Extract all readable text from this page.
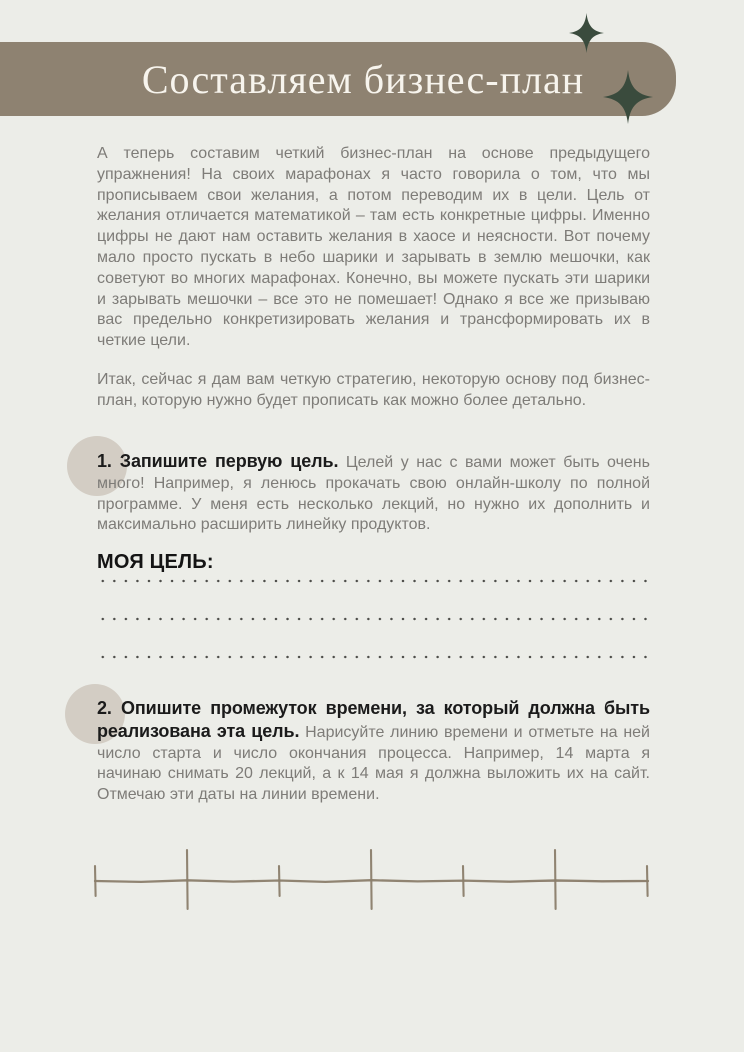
Составляем бизнес-план

А теперь составим четкий бизнес-план на основе предыдущего упражнения! На своих марафонах я часто говорила о том, что мы прописываем свои желания, а потом переводим их в цели. Цель от желания отличается математикой – там есть конкретные цифры. Именно цифры не дают нам оставить желания в хаосе и неясности. Вот почему мало просто пускать в небо шарики и зарывать в землю мешочки, как советуют во многих марафонах. Конечно, вы можете пускать эти шарики и зарывать мешочки – все это не помешает! Однако я все же призываю вас предельно конкретизировать желания и трансформировать их в четкие цели.

Итак, сейчас я дам вам четкую стратегию, некоторую основу под бизнес-план, которую нужно будет прописать как можно более детально.

1. Запишите первую цель. Целей у нас с вами может быть очень много! Например, я ленюсь прокачать свою онлайн-школу по полной программе. У меня есть несколько лекций, но нужно их дополнить и максимально расширить линейку продуктов.

МОЯ ЦЕЛЬ:

2. Опишите промежуток времени, за который должна быть реализована эта цель. Нарисуйте линию времени и отметьте на ней число старта и число окончания процесса. Например, 14 марта я начинаю снимать 20 лекций, а к 14 мая я должна выложить их на сайт. Отмечаю эти даты на линии времени.
